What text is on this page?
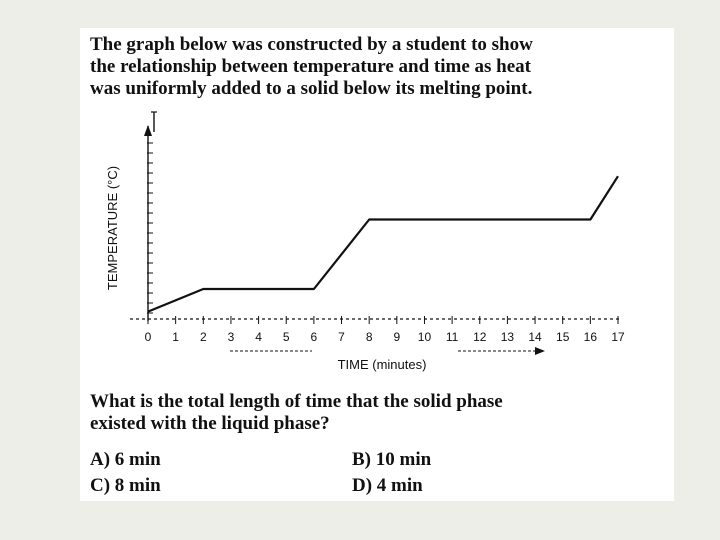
The graph below was constructed by a student to show
the relationship between temperature and time as heat
was uniformly added to a solid below its melting point.
0 1 2 3 4 5 6 7 8 9 10 11 12 13 14 15 16 17
TIME (minutes)
TEMPERATURE (°C)
What is the total length of time that the solid phase
existed with the liquid phase?
A) 6 min	B) 10 min
C) 8 min	D) 4 min
